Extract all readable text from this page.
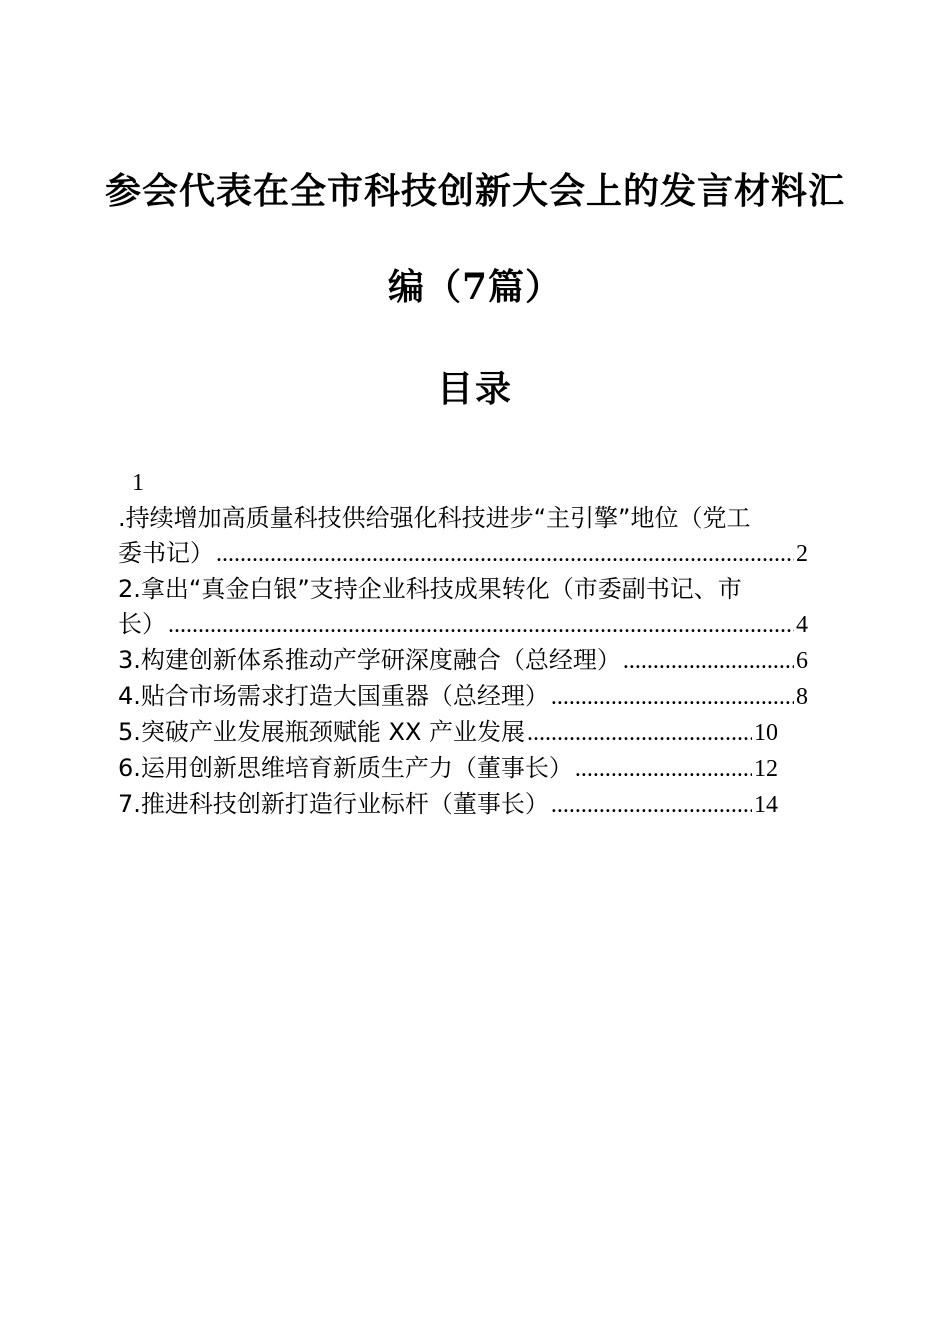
参会代表在全市科技创新大会上的发言材料汇
编（7篇）
目录
1
.持续增加高质量科技供给强化科技进步“主引擎”地位（党工
委书记） .....	2
2.拿出“真金白银”支持企业科技成果转化（市委副书记、市
长） .....	4
3.构建创新体系推动产学研深度融合（总经理） .....	6
4.贴合市场需求打造大国重器（总经理） .....	8
5.突破产业发展瓶颈赋能 XX 产业发展 .....	10
6.运用创新思维培育新质生产力（董事长） .....	12
7.推进科技创新打造行业标杆（董事长） .....	14
